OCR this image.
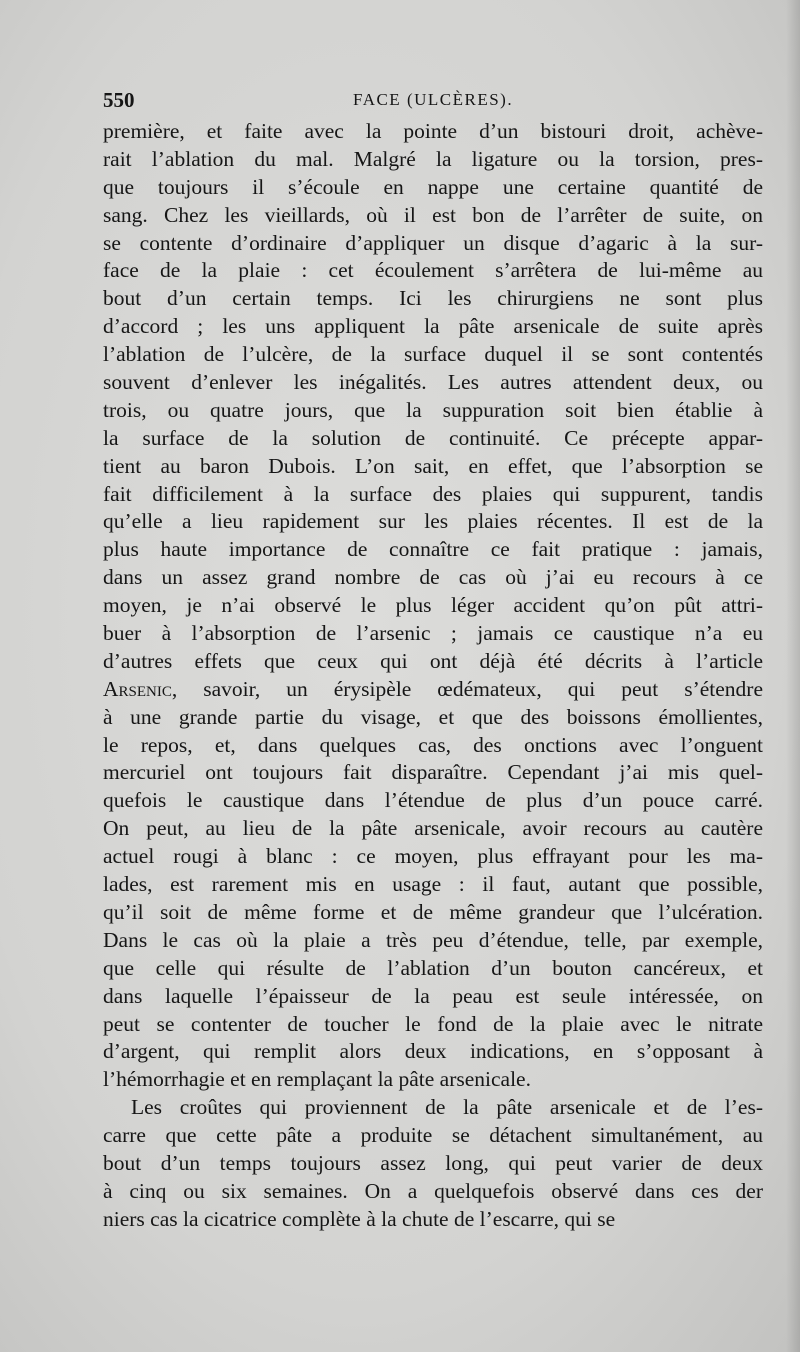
550	FACE (ULCÈRES).
première, et faite avec la pointe d’un bistouri droit, achève-
rait l’ablation du mal. Malgré la ligature ou la torsion, pres-
que toujours il s’écoule en nappe une certaine quantité de
sang. Chez les vieillards, où il est bon de l’arrêter de suite, on
se contente d’ordinaire d’appliquer un disque d’agaric à la sur-
face de la plaie : cet écoulement s’arrêtera de lui-même au
bout d’un certain temps. Ici les chirurgiens ne sont plus
d’accord ; les uns appliquent la pâte arsenicale de suite après
l’ablation de l’ulcère, de la surface duquel il se sont contentés
souvent d’enlever les inégalités. Les autres attendent deux, ou
trois, ou quatre jours, que la suppuration soit bien établie à
la surface de la solution de continuité. Ce précepte appar-
tient au baron Dubois. L’on sait, en effet, que l’absorption se
fait difficilement à la surface des plaies qui suppurent, tandis
qu’elle a lieu rapidement sur les plaies récentes. Il est de la
plus haute importance de connaître ce fait pratique : jamais,
dans un assez grand nombre de cas où j’ai eu recours à ce
moyen, je n’ai observé le plus léger accident qu’on pût attri-
buer à l’absorption de l’arsenic ; jamais ce caustique n’a eu
d’autres effets que ceux qui ont déjà été décrits à l’article
Arsenic, savoir, un érysipèle œdémateux, qui peut s’étendre
à une grande partie du visage, et que des boissons émollientes,
le repos, et, dans quelques cas, des onctions avec l’onguent
mercuriel ont toujours fait disparaître. Cependant j’ai mis quel-
quefois le caustique dans l’étendue de plus d’un pouce carré.
On peut, au lieu de la pâte arsenicale, avoir recours au cautère
actuel rougi à blanc : ce moyen, plus effrayant pour les ma-
lades, est rarement mis en usage : il faut, autant que possible,
qu’il soit de même forme et de même grandeur que l’ulcération.
Dans le cas où la plaie a très peu d’étendue, telle, par exemple,
que celle qui résulte de l’ablation d’un bouton cancéreux, et
dans laquelle l’épaisseur de la peau est seule intéressée, on
peut se contenter de toucher le fond de la plaie avec le nitrate
d’argent, qui remplit alors deux indications, en s’opposant à
l’hémorrhagie et en remplaçant la pâte arsenicale.
Les croûtes qui proviennent de la pâte arsenicale et de l’es-
carre que cette pâte a produite se détachent simultanément, au
bout d’un temps toujours assez long, qui peut varier de deux
à cinq ou six semaines. On a quelquefois observé dans ces der
niers cas la cicatrice complète à la chute de l’escarre, qui se
